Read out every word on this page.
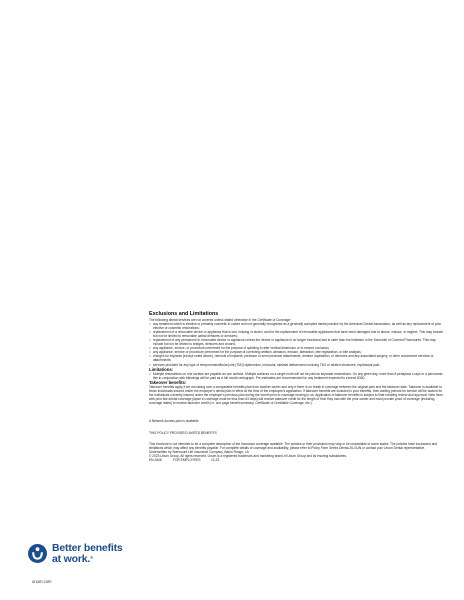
Exclusions and Limitations

The following dental services are not covered unless stated otherwise in the Certificate of Coverage:

• any treatment which is elective or primarily cosmetic in nature and not generally recognized as a generally accepted dental practice by the American Dental Association, as well as any replacement of prior elective or cosmetic restorations;
• replacement of a removable device or appliance that is lost, missing or stolen, and for the replacement of removable appliances that have been damaged due to abuse, misuse, or neglect. This may include but not be limited to removable partial dentures or dentures;
• replacement of any permanent or removable device or appliance unless the device or appliance is no longer functional and is older than the limitation in the Schedule of Covered Procedures. This may include but not be limited to bridges, dentures and crowns;
• any appliance, service, or procedure performed for the purpose of splinting to alter vertical dimension or to restore occlusion;
• any appliance, service or procedure performed for the purpose of correcting attrition, abrasion, erosion, abfraction, bite registration, or bite analysis;
• charges for implants (except noted above), removal of implants, precision or semi precision attachments, denture duplication, or dentures and any associated surgery, or other customized services or attachments;
• services provided for any type of temporomandibular joint (TMJ) dysfunction, muscular, skeletal deficiencies involving TMJ or related structures, myofascial pain.

Limitations:

• Multiple restorations on one surface are payable as one surface. Multiple surfaces on a single tooth will not be paid as separate restorations. On any given day, more than 8 periapical x-rays or a panoramic film in conjunction with bitewings will be paid as a full mouth radiograph. Pre-estimates are recommended for any treatment expected to exceed $300.

Takeover benefits:

Takeover benefits apply if we are taking over a comparable benefits plan from another carrier and only if there is no break in coverage between the original plan and the takeover date. Takeover is available to those individuals insured under the employer's dental plan in effect at the time of the employee's application. If takeover benefits are included in your benefits, then waiting periods for service will be waived for the individuals currently insured under the employer's previous plan during the month prior to coverage moving to us. Application of takeover benefits is subject to final enrolling review and approval. New hires with prior like dental coverage (lapse in coverage must be less than 63 days) will receive takeover credit for the length of time they had with the prior carrier and must provide proof of coverage (including coverage dates) to receive takeover credit (i.e. one page benefit summary, Certificate of Creditable Coverage, etc.).

A Network Access plan is available.

THIS POLICY PROVIDES LIMITED BENEFITS

This brochure is not intended to be a complete description of the insurance coverage available. The policies or their provisions may vary or be unavailable in some states. The policies have exclusions and limitations which may affect any benefits payable. For complete details of coverage and availability, please refer to Policy Form Series Dental-26-GUN or contact your Unum Dental representative.

Underwritten by Starmount Life Insurance Company, Baton Rouge, LA

© 2023 Unum Group. All rights reserved. Unum is a registered trademark and marketing brand of Unum Group and its insuring subsidiaries.

EN-2606	FOR EMPLOYEES	12-23

Better benefits
at work.®
unum.com
